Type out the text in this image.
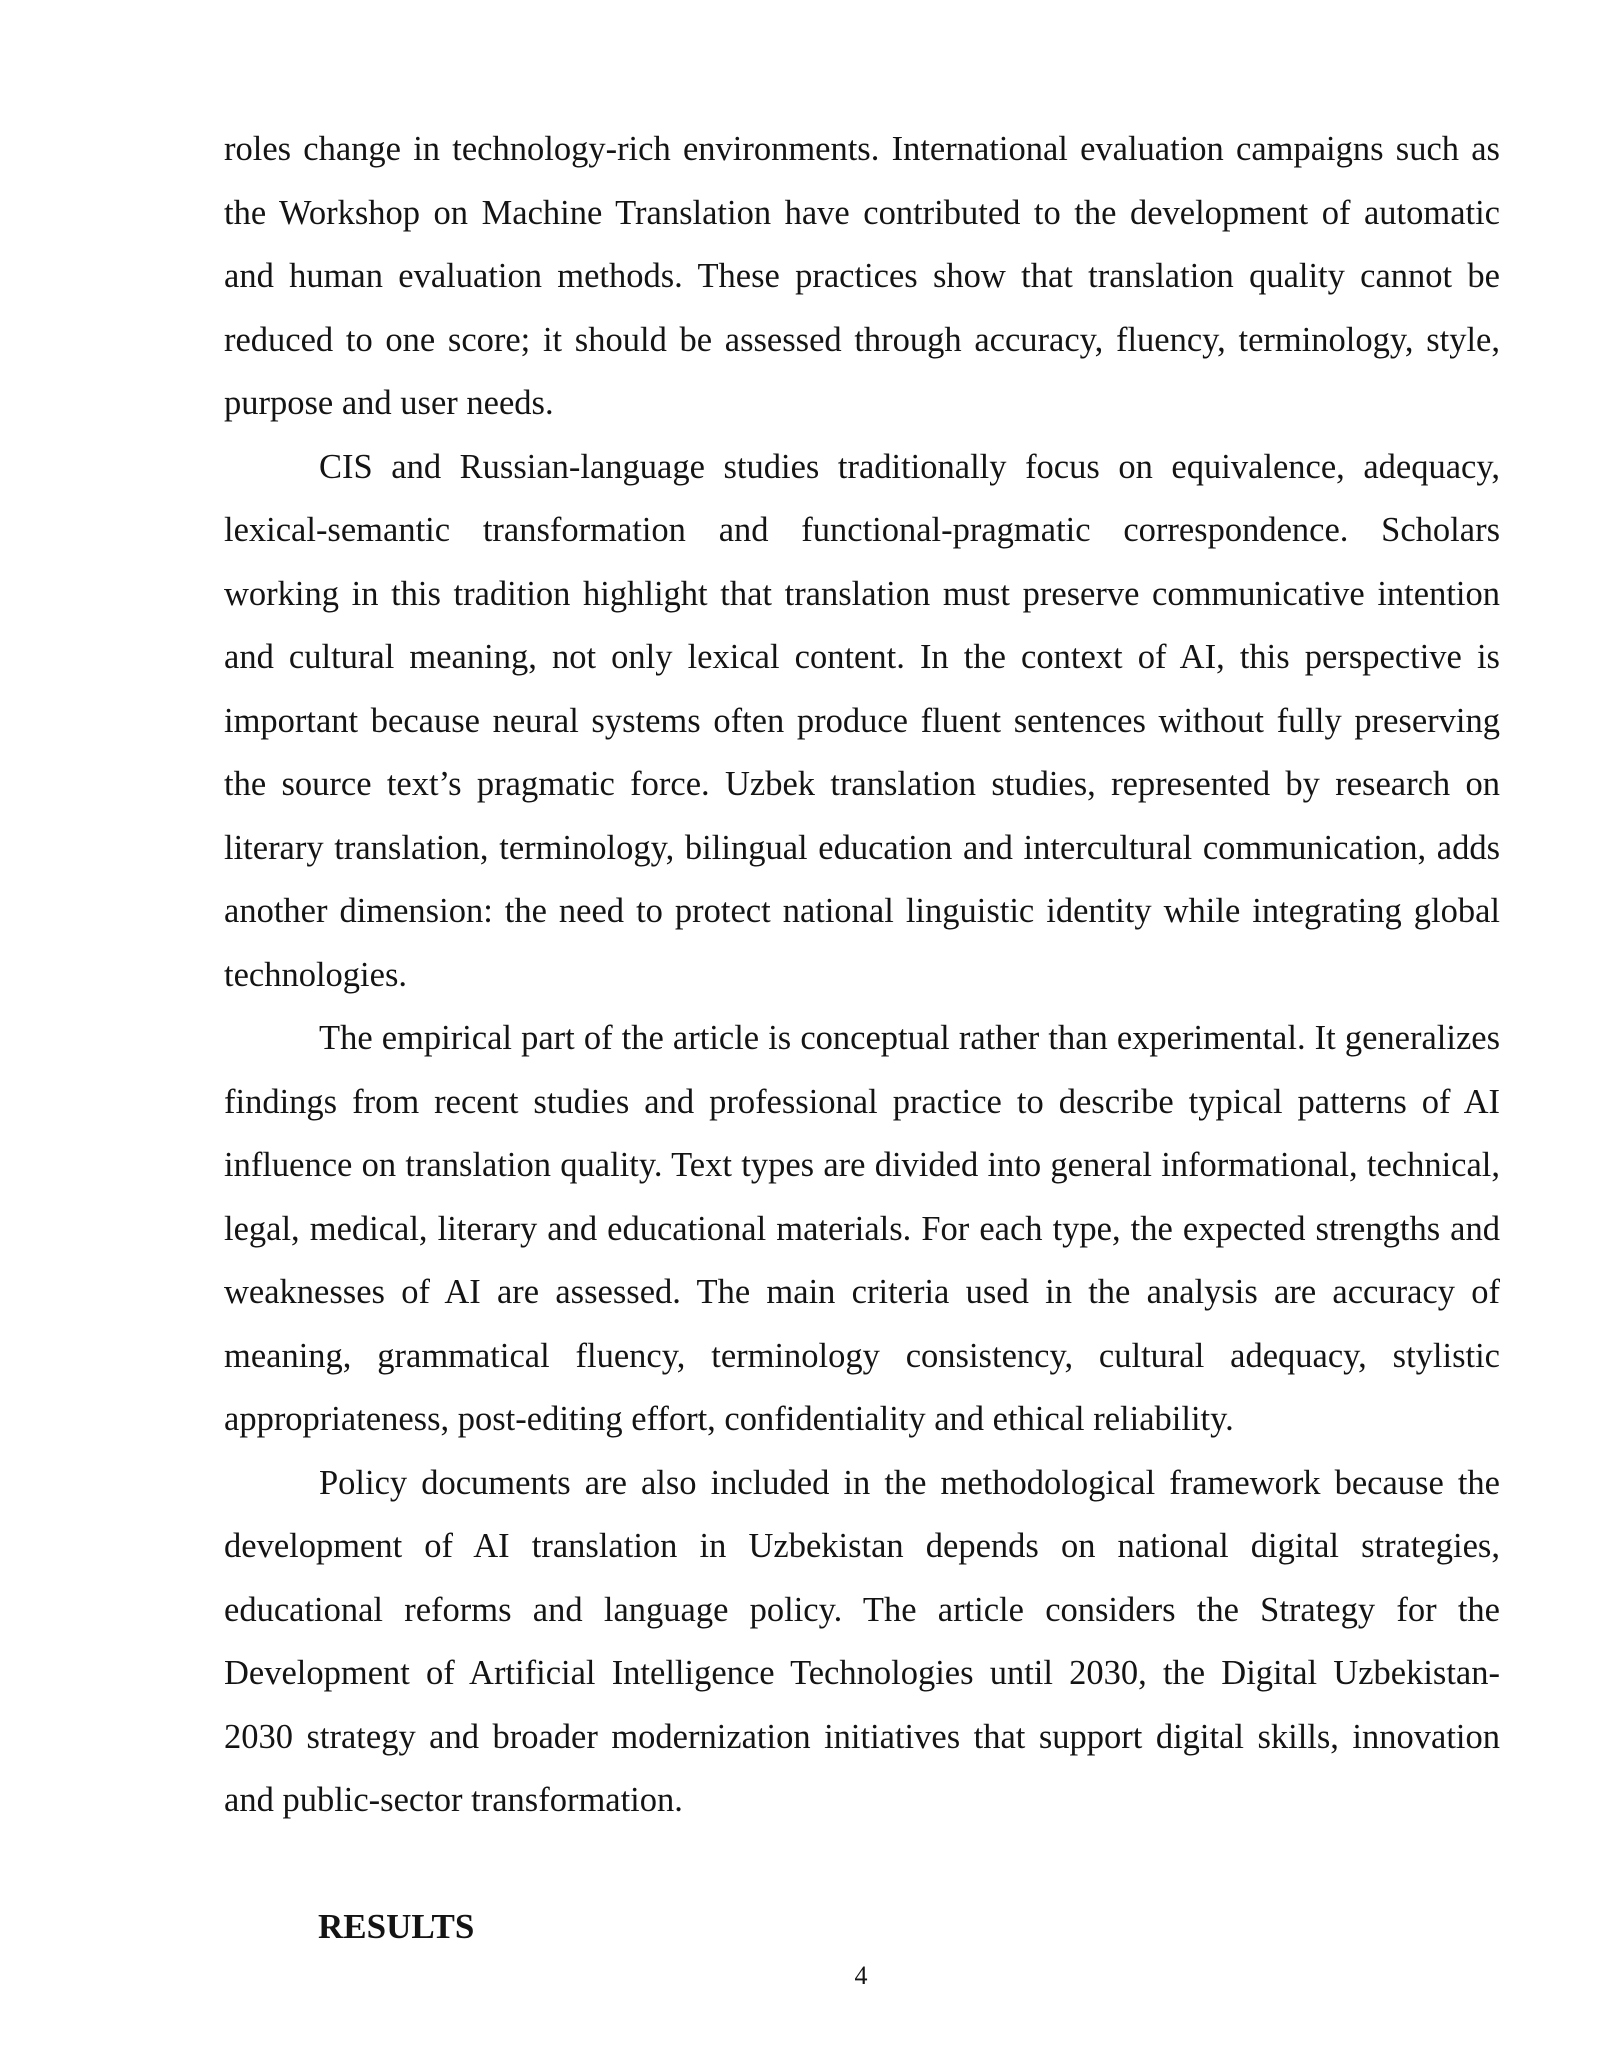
roles change in technology-rich environments. International evaluation campaigns such as the Workshop on Machine Translation have contributed to the development of automatic and human evaluation methods. These practices show that translation quality cannot be reduced to one score; it should be assessed through accuracy, fluency, terminology, style, purpose and user needs.

CIS and Russian-language studies traditionally focus on equivalence, adequacy, lexical-semantic transformation and functional-pragmatic correspondence. Scholars working in this tradition highlight that translation must preserve communicative intention and cultural meaning, not only lexical content. In the context of AI, this perspective is important because neural systems often produce fluent sentences without fully preserving the source text’s pragmatic force. Uzbek translation studies, represented by research on literary translation, terminology, bilingual education and intercultural communication, adds another dimension: the need to protect national linguistic identity while integrating global technologies.

The empirical part of the article is conceptual rather than experimental. It generalizes findings from recent studies and professional practice to describe typical patterns of AI influence on translation quality. Text types are divided into general informational, technical, legal, medical, literary and educational materials. For each type, the expected strengths and weaknesses of AI are assessed. The main criteria used in the analysis are accuracy of meaning, grammatical fluency, terminology consistency, cultural adequacy, stylistic appropriateness, post-editing effort, confidentiality and ethical reliability.

Policy documents are also included in the methodological framework because the development of AI translation in Uzbekistan depends on national digital strategies, educational reforms and language policy. The article considers the Strategy for the Development of Artificial Intelligence Technologies until 2030, the Digital Uzbekistan-2030 strategy and broader modernization initiatives that support digital skills, innovation and public-sector transformation.

RESULTS
4
